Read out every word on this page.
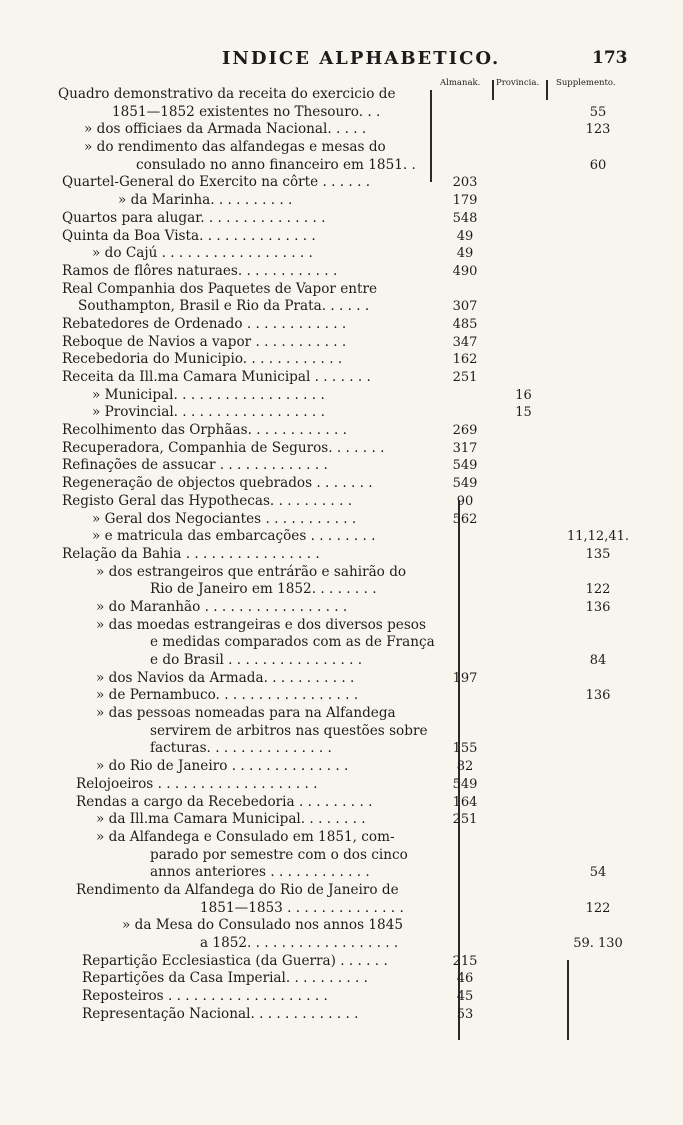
INDICE ALPHABETICO.	173
Almanak. Provincia. Supplemento.
Quadro demonstrativo da receita do exercicio de
1851—1852 existentes no Thesouro. . .	55
» dos officiaes da Armada Nacional. . . . .	123
» do rendimento das alfandegas e mesas do
consulado no anno financeiro em 1851. .	60
Quartel-General do Exercito na côrte . . . . . .	203
» da Marinha. . . . . . . . . .	179
Quartos para alugar. . . . . . . . . . . . . . .	548
Quinta da Boa Vista. . . . . . . . . . . . . .	49
» do Cajú . . . . . . . . . . . . . . . . . .	49
Ramos de flôres naturaes. . . . . . . . . . . .	490
Real Companhia dos Paquetes de Vapor entre
Southampton, Brasil e Rio da Prata. . . . . .	307
Rebatedores de Ordenado . . . . . . . . . . . .	485
Reboque de Navios a vapor . . . . . . . . . . .	347
Recebedoria do Municipio. . . . . . . . . . . .	162
Receita da Ill.ma Camara Municipal . . . . . . .	251
» Municipal. . . . . . . . . . . . . . . . . .	16
» Provincial. . . . . . . . . . . . . . . . . .	15
Recolhimento das Orphãas. . . . . . . . . . . .	269
Recuperadora, Companhia de Seguros. . . . . . .	317
Refinações de assucar . . . . . . . . . . . . .	549
Regeneração de objectos quebrados . . . . . . .	549
Registo Geral das Hypothecas. . . . . . . . . .	90
» Geral dos Negociantes . . . . . . . . . . .	562
» e matricula das embarcações . . . . . . . .	11,12,41.
Relação da Bahia . . . . . . . . . . . . . . . .	135
» dos estrangeiros que entrárão e sahirão do
Rio de Janeiro em 1852. . . . . . . .	122
» do Maranhão . . . . . . . . . . . . . . . . .	136
» das moedas estrangeiras e dos diversos pesos
e medidas comparados com as de França
e do Brasil . . . . . . . . . . . . . . . .	84
» dos Navios da Armada. . . . . . . . . . .	197
» de Pernambuco. . . . . . . . . . . . . . . . .	136
» das pessoas nomeadas para na Alfandega
servirem de arbitros nas questões sobre
facturas. . . . . . . . . . . . . . .	155
» do Rio de Janeiro . . . . . . . . . . . . . .	82
Relojoeiros . . . . . . . . . . . . . . . . . . .	549
Rendas a cargo da Recebedoria . . . . . . . . .	164
» da Ill.ma Camara Municipal. . . . . . . .	251
» da Alfandega e Consulado em 1851, com-
parado por semestre com o dos cinco
annos anteriores . . . . . . . . . . . .	54
Rendimento da Alfandega do Rio de Janeiro de
1851—1853 . . . . . . . . . . . . . .	122
» da Mesa do Consulado nos annos 1845
a 1852. . . . . . . . . . . . . . . . . .	59. 130
Repartição Ecclesiastica (da Guerra) . . . . . .	215
Repartições da Casa Imperial. . . . . . . . . .	46
Reposteiros . . . . . . . . . . . . . . . . . . .	45
Representação Nacional. . . . . . . . . . . . .	53
